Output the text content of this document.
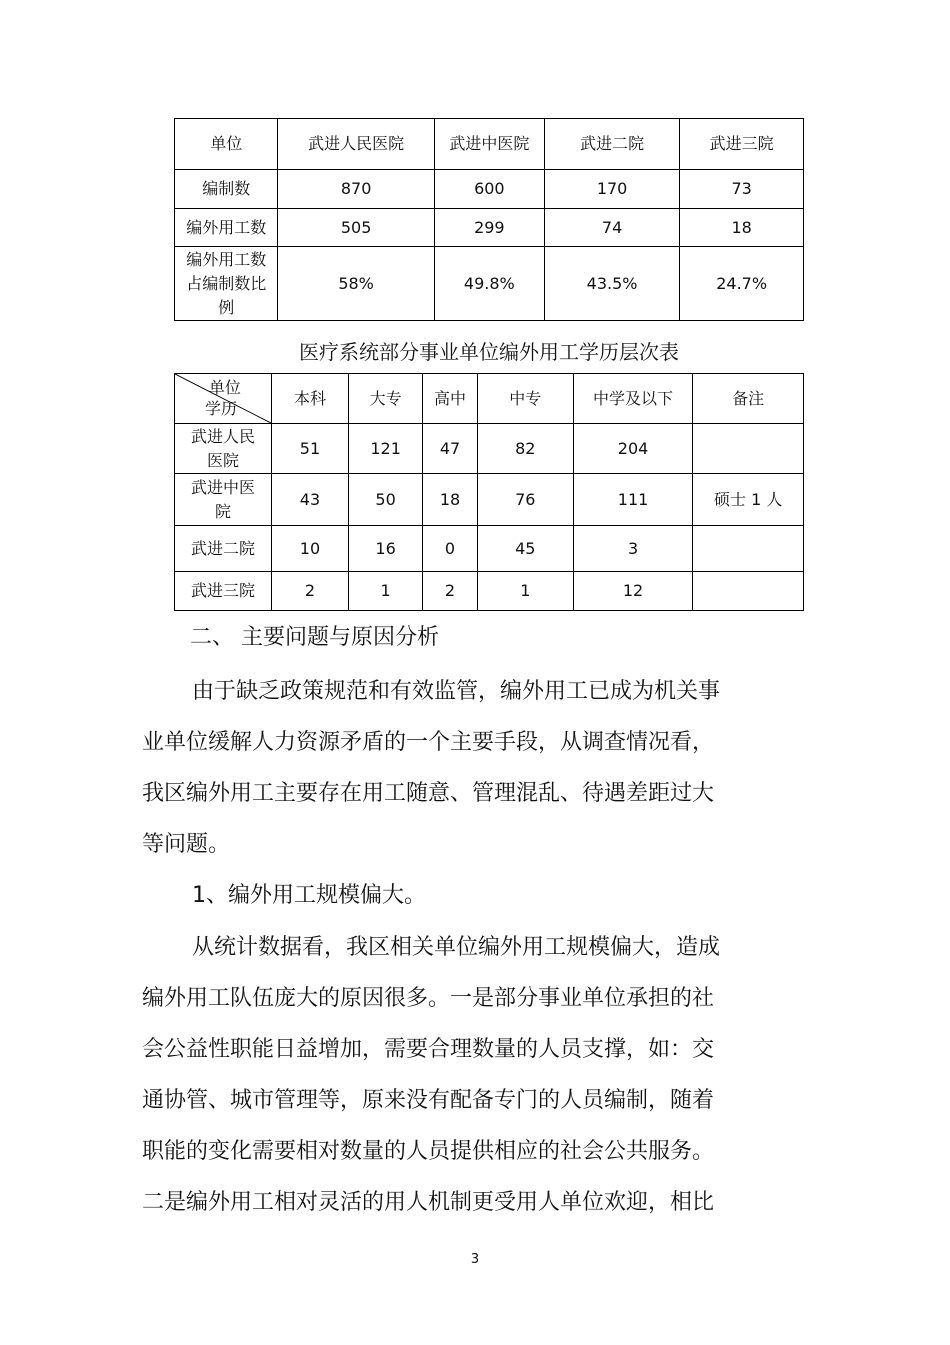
单位	武进人民医院	武进中医院	武进二院	武进三院
编制数	870	600	170	73
编外用工数	505	299	74	18
编外用工数占编制数比例	58%	49.8%	43.5%	24.7%
医疗系统部分事业单位编外用工学历层次表
单位
学历	本科	大专	高中	中专	中学及以下	备注
武进人民医院	51	121	47	82	204	
武进中医院	43	50	18	76	111	硕士 1 人
武进二院	10	16	0	45	3	
武进三院	2	1	2	1	12	
二、 主要问题与原因分析
由于缺乏政策规范和有效监管，编外用工已成为机关事
业单位缓解人力资源矛盾的一个主要手段，从调查情况看，
我区编外用工主要存在用工随意、管理混乱、待遇差距过大
等问题。
1、编外用工规模偏大。
从统计数据看，我区相关单位编外用工规模偏大，造成
编外用工队伍庞大的原因很多。一是部分事业单位承担的社
会公益性职能日益增加，需要合理数量的人员支撑，如：交
通协管、城市管理等，原来没有配备专门的人员编制，随着
职能的变化需要相对数量的人员提供相应的社会公共服务。
二是编外用工相对灵活的用人机制更受用人单位欢迎，相比
3
